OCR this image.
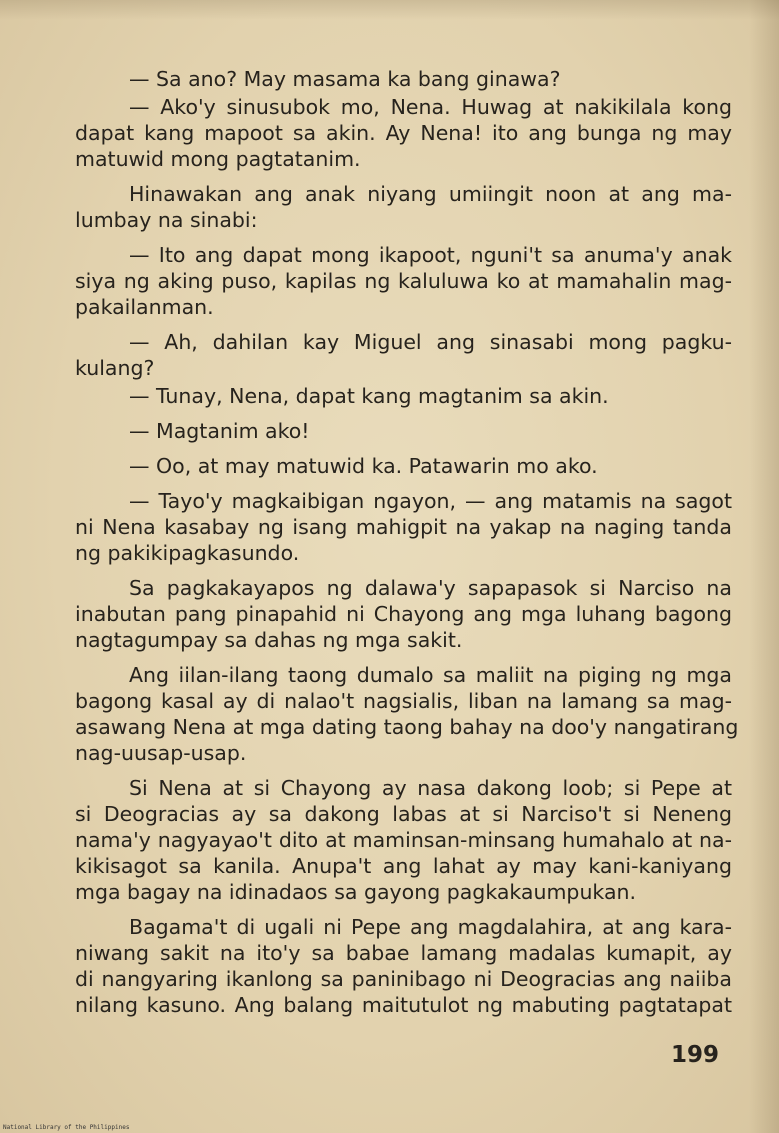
— Sa ano? May masama ka bang ginawa?

— Ako'y sinusubok mo, Nena. Huwag at nakikilala kong
dapat kang mapoot sa akin. Ay Nena! ito ang bunga ng may
matuwid mong pagtatanim.

Hinawakan ang anak niyang umiingit noon at ang ma-
lumbay na sinabi:

— Ito ang dapat mong ikapoot, nguni't sa anuma'y anak
siya ng aking puso, kapilas ng kaluluwa ko at mamahalin mag-
pakailanman.

— Ah, dahilan kay Miguel ang sinasabi mong pagku-
kulang?

— Tunay, Nena, dapat kang magtanim sa akin.

— Magtanim ako!

— Oo, at may matuwid ka. Patawarin mo ako.

— Tayo'y magkaibigan ngayon, — ang matamis na sagot
ni Nena kasabay ng isang mahigpit na yakap na naging tanda
ng pakikipagkasundo.

Sa pagkakayapos ng dalawa'y sapapasok si Narciso na
inabutan pang pinapahid ni Chayong ang mga luhang bagong
nagtagumpay sa dahas ng mga sakit.

Ang iilan-ilang taong dumalo sa maliit na piging ng mga
bagong kasal ay di nalao't nagsialis, liban na lamang sa mag-
asawang Nena at mga dating taong bahay na doo'y nangatirang
nag-uusap-usap.

Si Nena at si Chayong ay nasa dakong loob; si Pepe at
si Deogracias ay sa dakong labas at si Narciso't si Neneng
nama'y nagyayao't dito at maminsan-minsang humahalo at na-
kikisagot sa kanila. Anupa't ang lahat ay may kani-kaniyang
mga bagay na idinadaos sa gayong pagkakaumpukan.

Bagama't di ugali ni Pepe ang magdalahira, at ang kara-
niwang sakit na ito'y sa babae lamang madalas kumapit, ay
di nangyaring ikanlong sa paninibago ni Deogracias ang naiiba
nilang kasuno. Ang balang maitutulot ng mabuting pagtatapat

199
National Library of the Philippines
